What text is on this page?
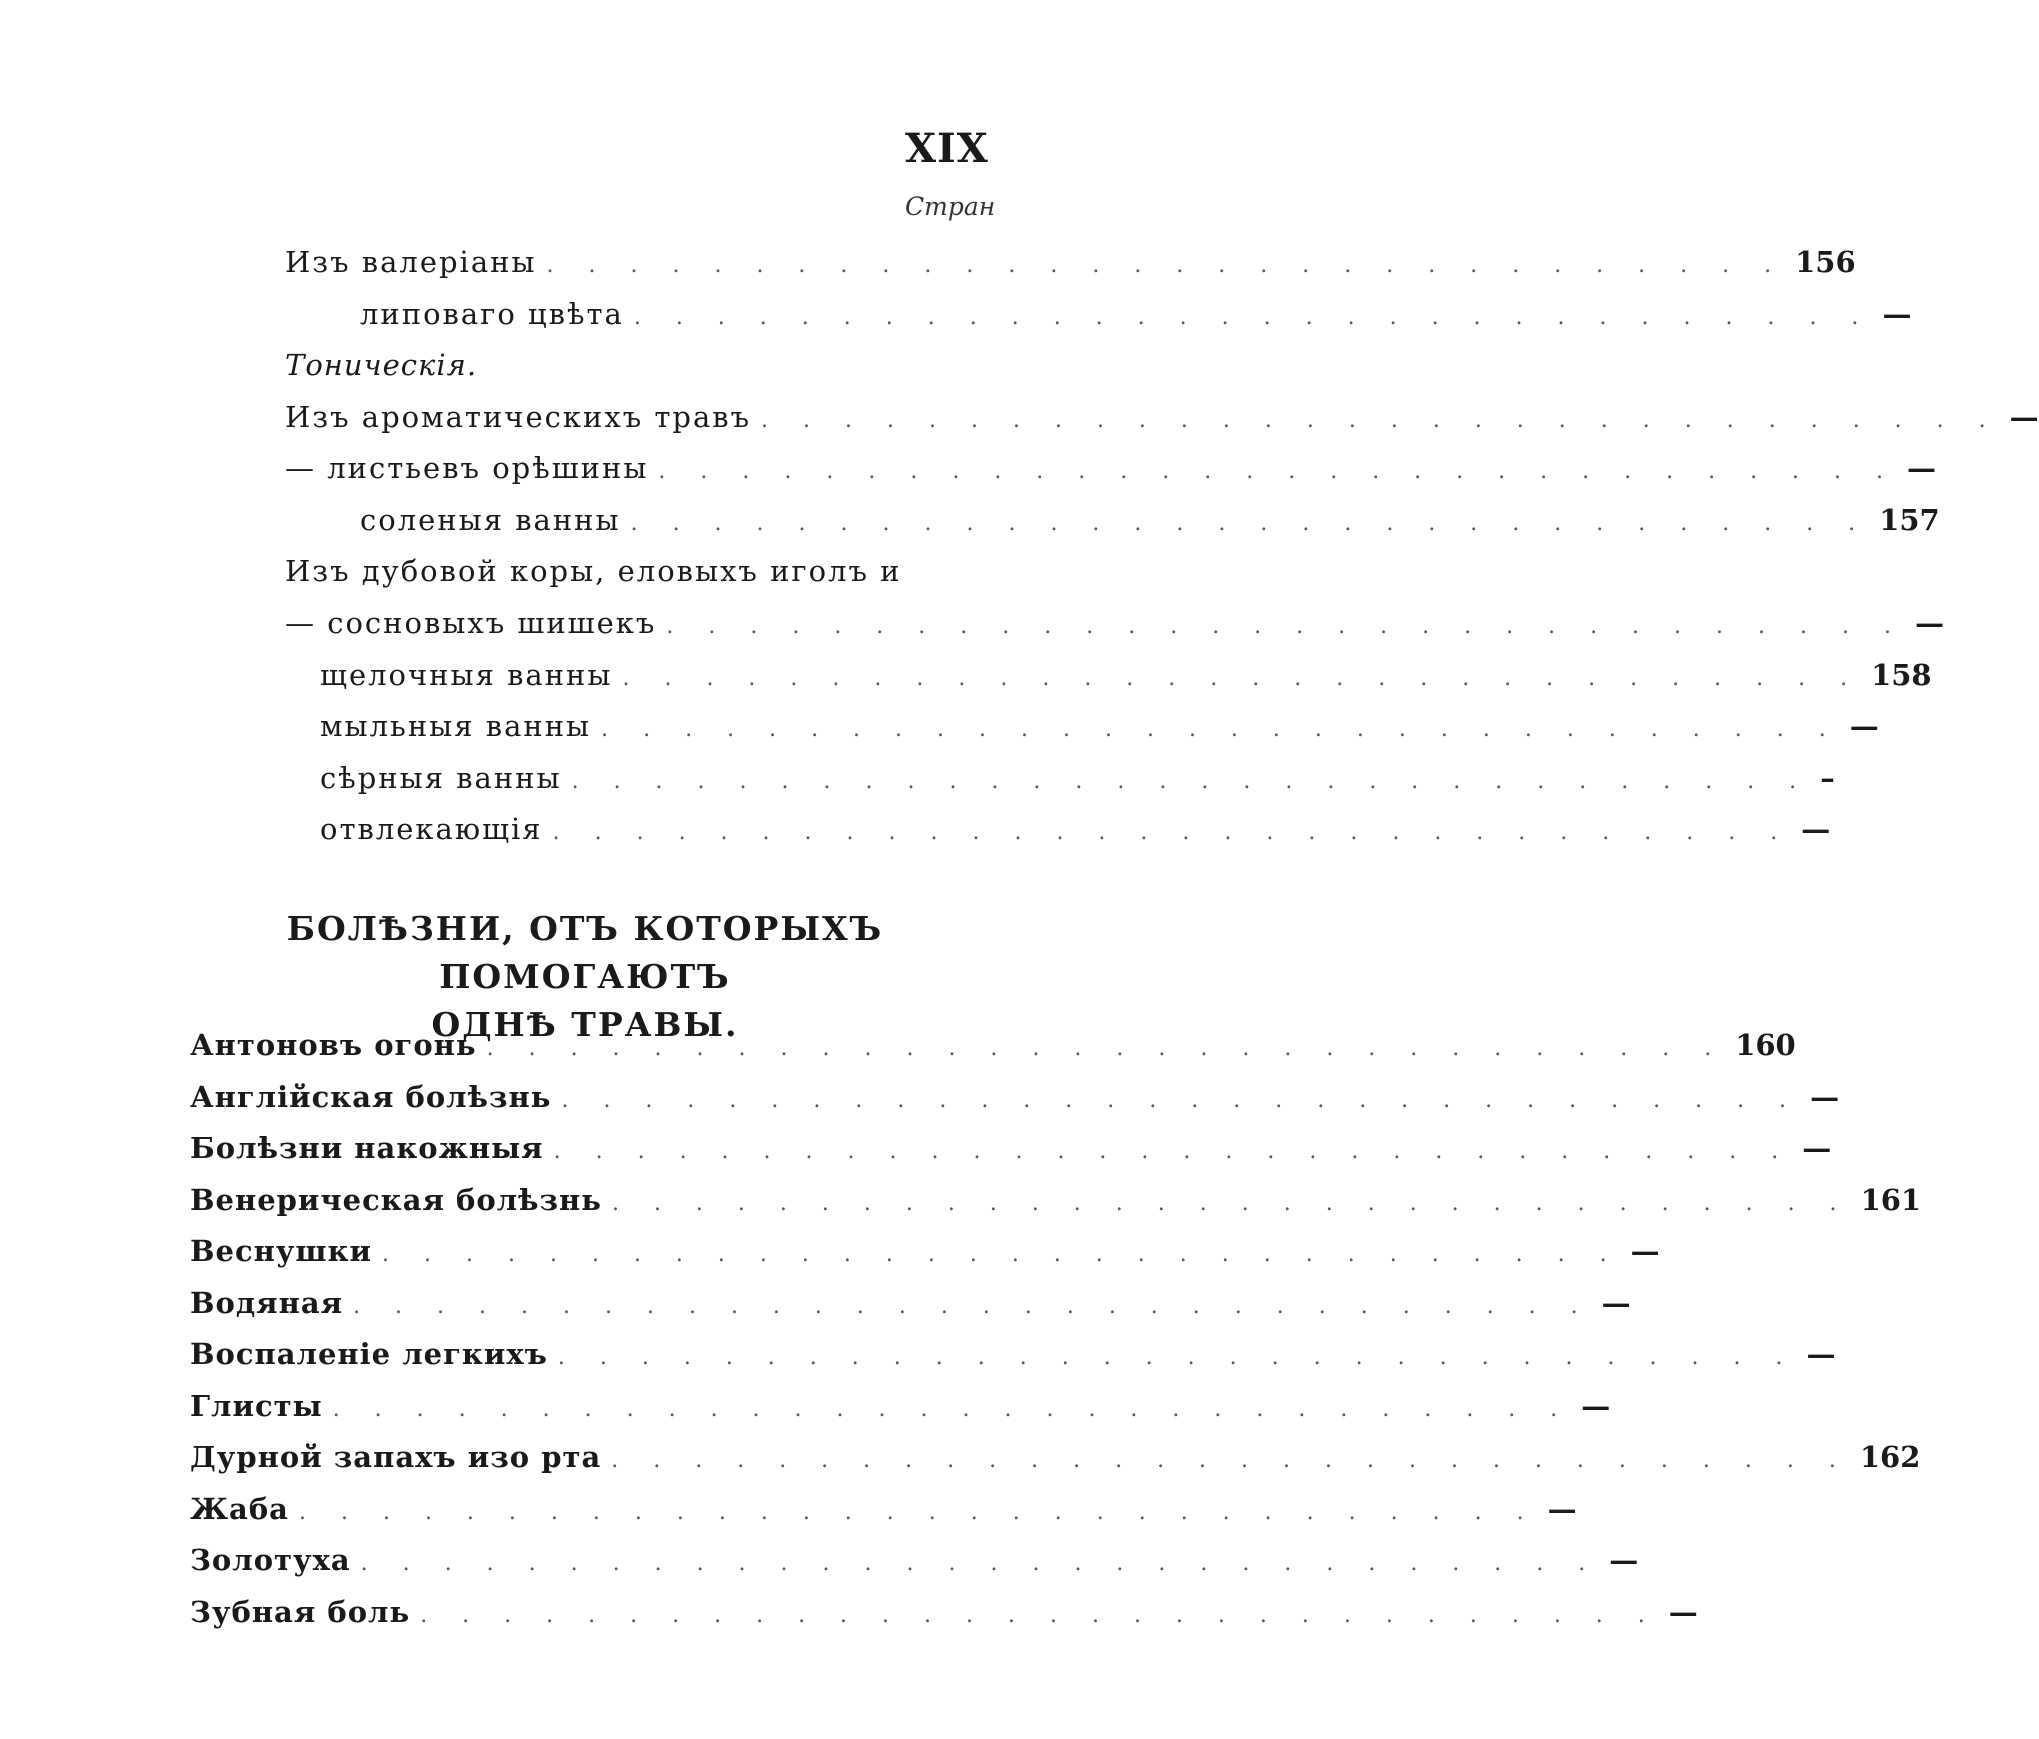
XIX
Стран
Изъ валеріаны . . . . . . . . . . . . . . . . . . . . . . . . . . . . . . 156
липоваго цвѣта . . . . . . . . . . . . . . . . . . . . . . . . . . . . . . —
Тоническія.
Изъ ароматическихъ травъ . . . . . . . . . . . . . . . . . . . . . . . . . . . . . . —
— листьевъ орѣшины . . . . . . . . . . . . . . . . . . . . . . . . . . . . . . —
соленыя ванны . . . . . . . . . . . . . . . . . . . . . . . . . . . . . . 157
Изъ дубовой коры, еловыхъ иголъ и
— сосновыхъ шишекъ . . . . . . . . . . . . . . . . . . . . . . . . . . . . . . —
щелочныя ванны . . . . . . . . . . . . . . . . . . . . . . . . . . . . . . 158
мыльныя ванны . . . . . . . . . . . . . . . . . . . . . . . . . . . . . . —
сѣрныя ванны . . . . . . . . . . . . . . . . . . . . . . . . . . . . . . –
отвлекающія . . . . . . . . . . . . . . . . . . . . . . . . . . . . . . —
Антоновъ огонь . . . . . . . . . . . . . . . . . . . . . . . . . . . . . . 160
Англійская болѣзнь . . . . . . . . . . . . . . . . . . . . . . . . . . . . . . —
Болѣзни накожныя . . . . . . . . . . . . . . . . . . . . . . . . . . . . . . —
Венерическая болѣзнь . . . . . . . . . . . . . . . . . . . . . . . . . . . . . . 161
Веснушки . . . . . . . . . . . . . . . . . . . . . . . . . . . . . . —
Водяная . . . . . . . . . . . . . . . . . . . . . . . . . . . . . . —
Воспаленіе легкихъ . . . . . . . . . . . . . . . . . . . . . . . . . . . . . . —
Глисты . . . . . . . . . . . . . . . . . . . . . . . . . . . . . . —
Дурной запахъ изо рта . . . . . . . . . . . . . . . . . . . . . . . . . . . . . . 162
Жаба . . . . . . . . . . . . . . . . . . . . . . . . . . . . . . —
Золотуха . . . . . . . . . . . . . . . . . . . . . . . . . . . . . . —
Зубная боль . . . . . . . . . . . . . . . . . . . . . . . . . . . . . . —
БОЛѢЗНИ, ОТЪ КОТОРЫХЪ ПОМОГАЮТЪ
ОДНѢ ТРАВЫ.
